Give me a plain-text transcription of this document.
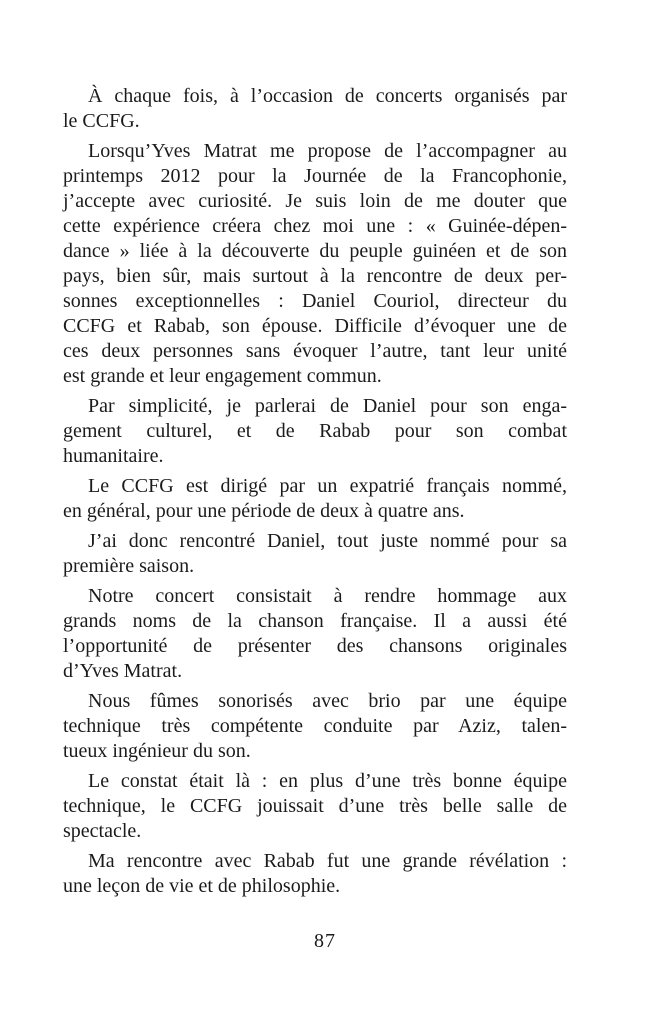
À chaque fois, à l’occasion de concerts organisés par
le CCFG.

Lorsqu’Yves Matrat me propose de l’accompagner au
printemps 2012 pour la Journée de la Francophonie,
j’accepte avec curiosité. Je suis loin de me douter que
cette expérience créera chez moi une : « Guinée-dépen-
dance » liée à la découverte du peuple guinéen et de son
pays, bien sûr, mais surtout à la rencontre de deux per-
sonnes exceptionnelles : Daniel Couriol, directeur du
CCFG et Rabab, son épouse. Difficile d’évoquer une de
ces deux personnes sans évoquer l’autre, tant leur unité
est grande et leur engagement commun.

Par simplicité, je parlerai de Daniel pour son enga-
gement culturel, et de Rabab pour son combat
humanitaire.

Le CCFG est dirigé par un expatrié français nommé,
en général, pour une période de deux à quatre ans.

J’ai donc rencontré Daniel, tout juste nommé pour sa
première saison.

Notre concert consistait à rendre hommage aux
grands noms de la chanson française. Il a aussi été
l’opportunité de présenter des chansons originales
d’Yves Matrat.

Nous fûmes sonorisés avec brio par une équipe
technique très compétente conduite par Aziz, talen-
tueux ingénieur du son.

Le constat était là : en plus d’une très bonne équipe
technique, le CCFG jouissait d’une très belle salle de
spectacle.

Ma rencontre avec Rabab fut une grande révélation :
une leçon de vie et de philosophie.

87
